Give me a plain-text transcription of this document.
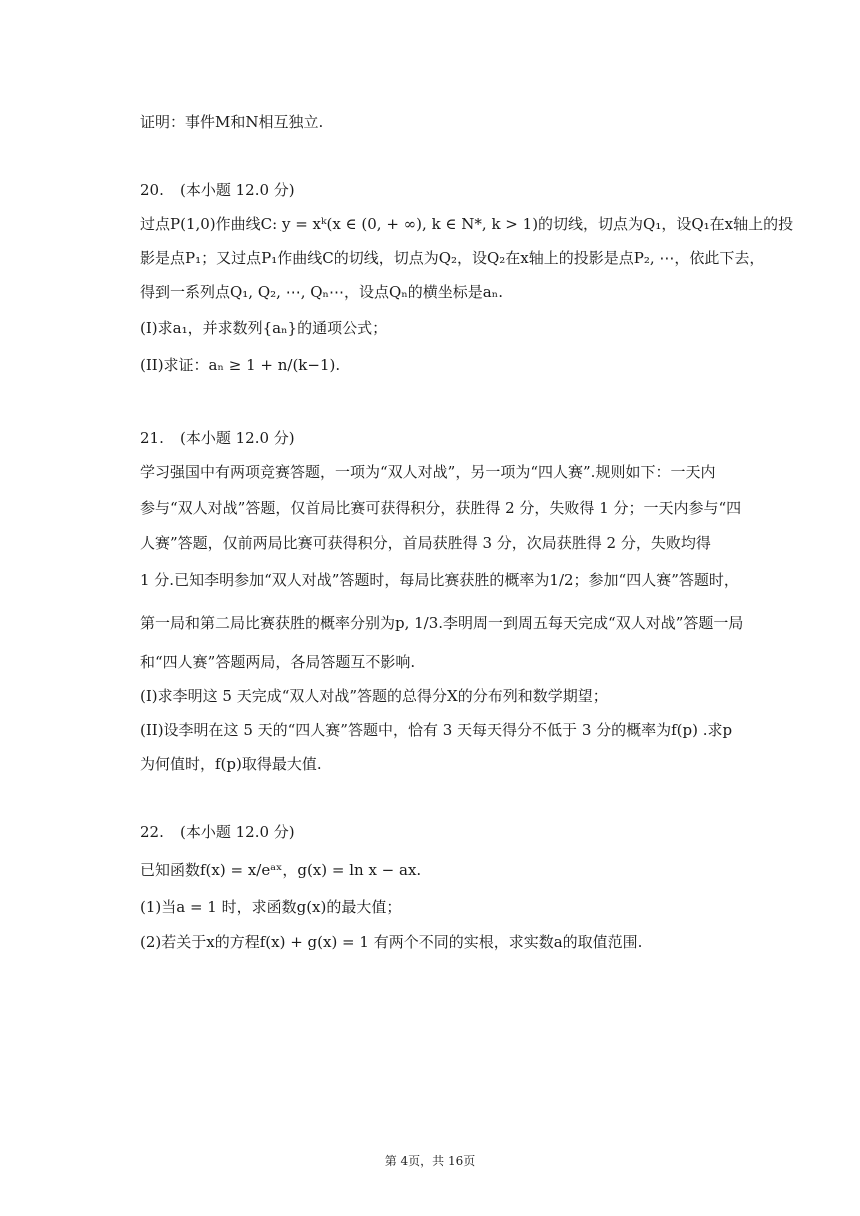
证明：事件M和N相互独立.
20. (本小题 12.0 分)
过点P(1,0)作曲线C: y = xᵏ(x ∈ (0, + ∞), k ∈ N*, k > 1)的切线，切点为Q₁，设Q₁在x轴上的投
影是点P₁；又过点P₁作曲线C的切线，切点为Q₂，设Q₂在x轴上的投影是点P₂, ⋯，依此下去，
得到一系列点Q₁, Q₂, ⋯, Qₙ⋯，设点Qₙ的横坐标是aₙ.
(I)求a₁，并求数列{aₙ}的通项公式；
(II)求证：aₙ ≥ 1 + n/(k−1).
21. (本小题 12.0 分)
学习强国中有两项竞赛答题，一项为“双人对战”，另一项为“四人赛”.规则如下：一天内
参与“双人对战”答题，仅首局比赛可获得积分，获胜得 2 分，失败得 1 分；一天内参与“四
人赛”答题，仅前两局比赛可获得积分，首局获胜得 3 分，次局获胜得 2 分，失败均得
1 分.已知李明参加“双人对战”答题时，每局比赛获胜的概率为1/2；参加“四人赛”答题时，
第一局和第二局比赛获胜的概率分别为p, 1/3.李明周一到周五每天完成“双人对战”答题一局
和“四人赛”答题两局，各局答题互不影响.
(I)求李明这 5 天完成“双人对战”答题的总得分X的分布列和数学期望；
(II)设李明在这 5 天的“四人赛”答题中，恰有 3 天每天得分不低于 3 分的概率为f(p) .求p
为何值时，f(p)取得最大值.
22. (本小题 12.0 分)
已知函数f(x) = x/eᵃˣ，g(x) = ln x − ax.
(1)当a = 1 时，求函数g(x)的最大值；
(2)若关于x的方程f(x) + g(x) = 1 有两个不同的实根，求实数a的取值范围.
第 4页，共 16页
